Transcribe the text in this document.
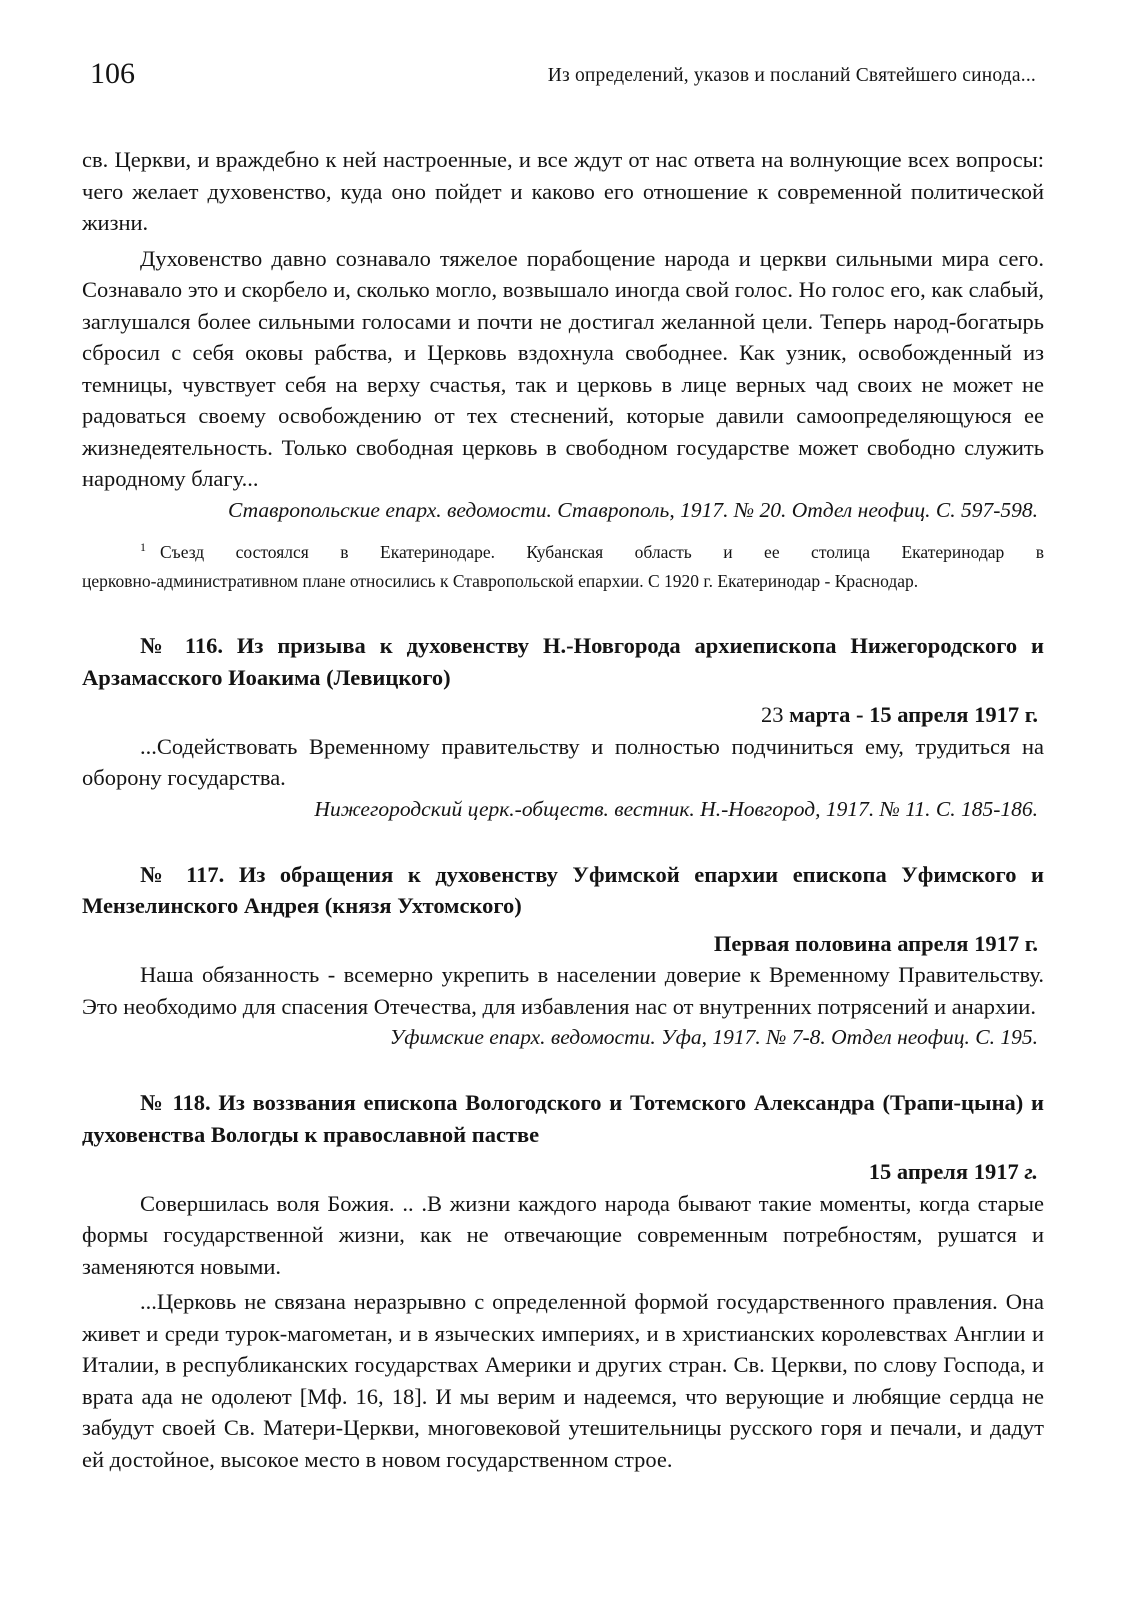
106	Из определений, указов и посланий Святейшего синода...

св. Церкви, и враждебно к ней настроенные, и все ждут от нас ответа на волнующие всех вопросы: чего желает духовенство, куда оно пойдет и каково его отношение к современной политической жизни.

Духовенство давно сознавало тяжелое порабощение народа и церкви сильными мира сего. Сознавало это и скорбело и, сколько могло, возвышало иногда свой голос. Но голос его, как слабый, заглушался более сильными голосами и почти не достигал желанной цели. Теперь народ-богатырь сбросил с себя оковы рабства, и Церковь вздохнула свободнее. Как узник, освобожденный из темницы, чувствует себя на верху счастья, так и церковь в лице верных чад своих не может не радоваться своему освобождению от тех стеснений, которые давили самоопределяющуюся ее жизнедеятельность. Только свободная церковь в свободном государстве может свободно служить народному благу...

Ставропольские епарх. ведомости. Ставрополь, 1917. № 20. Отдел неофиц. С. 597-598.

$^1$ Съезд состоялся в Екатеринодаре. Кубанская область и ее столица Екатеринодар в

церковно-административном плане относились к Ставропольской епархии. С 1920 г. Екатеринодар - Краснодар.

№ 116. Из призыва к духовенству Н.-Новгорода архиепископа Нижегородского и Арзамасского Иоакима (Левицкого)

23 марта - 15 апреля 1917 г.

...Содействовать Временному правительству и полностью подчиниться ему, трудиться на оборону государства.

Нижегородский церк.-обществ. вестник. Н.-Новгород, 1917. № 11. С. 185-186.

№ 117. Из обращения к духовенству Уфимской епархии епископа Уфимского и Мензелинского Андрея (князя Ухтомского)

Первая половина апреля 1917 г.

Наша обязанность - всемерно укрепить в населении доверие к Временному Правительству. Это необходимо для спасения Отечества, для избавления нас от внутренних потрясений и анархии.

Уфимские епарх. ведомости. Уфа, 1917. № 7-8. Отдел неофиц. С. 195.

№ 118. Из воззвания епископа Вологодского и Тотемского Александра (Трапи-цына) и духовенства Вологды к православной пастве

15 апреля 1917 г.

Совершилась воля Божия. .. .В жизни каждого народа бывают такие моменты, когда старые формы государственной жизни, как не отвечающие современным потребностям, рушатся и заменяются новыми.

...Церковь не связана неразрывно с определенной формой государственного правления. Она живет и среди турок-магометан, и в языческих империях, и в христианских королевствах Англии и Италии, в республиканских государствах Америки и других стран. Св. Церкви, по слову Господа, и врата ада не одолеют [Мф. 16, 18]. И мы верим и надеемся, что верующие и любящие сердца не забудут своей Св. Матери-Церкви, многовековой утешительницы русского горя и печали, и дадут ей достойное, высокое место в новом государственном строе.
